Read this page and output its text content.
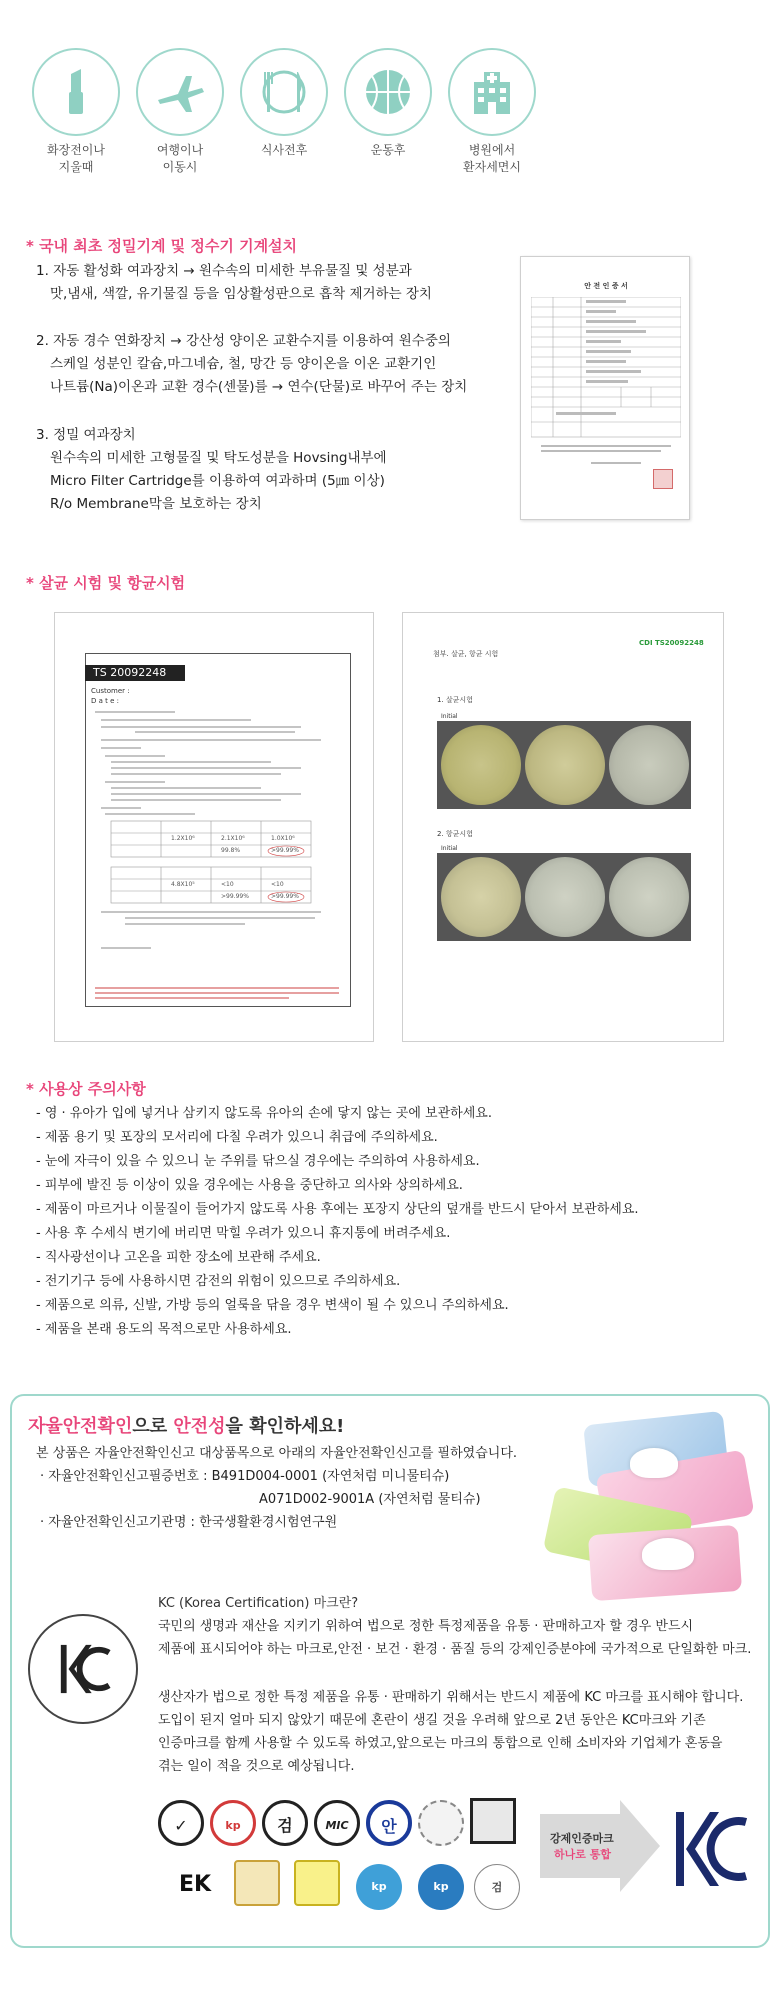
화장전이나
지울때
여행이나
이동시
식사전후	운동후	병원에서
환자세면시
* 국내 최초 정밀기계 및 정수기 기계설치
1. 자동 활성화 여과장치 → 원수속의 미세한 부유물질 및 성분과
맛,냄새, 색깔, 유기물질 등을 임상활성판으로 흡착 제거하는 장치
2. 자동 경수 연화장치 → 강산성 양이온 교환수지를 이용하여 원수중의
스케일 성분인 칼슘,마그네슘, 철, 망간 등 양이온을 이온 교환기인
나트륨(Na)이온과 교환 경수(센물)를 → 연수(단물)로 바꾸어 주는 장치
3. 정밀 여과장치
원수속의 미세한 고형물질 및 탁도성분을 Hovsing내부에
Micro Filter Cartridge를 이용하여 여과하며 (5㎛ 이상)
R/o Membrane막을 보호하는 장치
안 전 인 증 서
* 살균 시험 및 항균시험
TS 20092248
Customer :
D a t e :
1.2X10⁶	2.1X10⁶	1.0X10⁶
99.8%	>99.99%
4.8X10⁵	<10	<10
>99.99%	>99.99%
CDI TS20092248
첨부. 살균, 항균 시험
1. 살균시험
Initial
2. 항균시험
Initial
* 사용상 주의사항
- 영 · 유아가 입에 넣거나 삼키지 않도록 유아의 손에 닿지 않는 곳에 보관하세요.
- 제품 용기 및 포장의 모서리에 다칠 우려가 있으니 취급에 주의하세요.
- 눈에 자극이 있을 수 있으니 눈 주위를 닦으실 경우에는 주의하여 사용하세요.
- 피부에 발진 등 이상이 있을 경우에는 사용을 중단하고 의사와 상의하세요.
- 제품이 마르거나 이물질이 들어가지 않도록 사용 후에는 포장지 상단의 덮개를 반드시 닫아서 보관하세요.
- 사용 후 수세식 변기에 버리면 막힐 우려가 있으니 휴지통에 버려주세요.
- 직사광선이나 고온을 피한 장소에 보관해 주세요.
- 전기기구 등에 사용하시면 감전의 위험이 있으므로 주의하세요.
- 제품으로 의류, 신발, 가방 등의 얼룩을 닦을 경우 변색이 될 수 있으니 주의하세요.
- 제품을 본래 용도의 목적으로만 사용하세요.
자율안전확인으로 안전성을 확인하세요!
본 상품은 자율안전확인신고 대상품목으로 아래의 자율안전확인신고를 필하였습니다.
· 자율안전확인신고필증번호 : B491D004-0001 (자연처럼 미니물티슈)
A071D002-9001A (자연처럼 물티슈)
· 자율안전확인신고기관명 : 한국생활환경시험연구원
KC (Korea Certification) 마크란?
국민의 생명과 재산을 지키기 위하여 법으로 정한 특정제품을 유통 · 판매하고자 할 경우 반드시
제품에 표시되어야 하는 마크로,안전 · 보건 · 환경 · 품질 등의 강제인증분야에 국가적으로 단일화한 마크.
생산자가 법으로 정한 특정 제품을 유통 · 판매하기 위해서는 반드시 제품에 KC 마크를 표시해야 합니다.
도입이 된지 얼마 되지 않았기 때문에 혼란이 생길 것을 우려해 앞으로 2년 동안은 KC마크와 기존
인증마크를 함께 사용할 수 있도록 하였고,앞으로는 마크의 통합으로 인해 소비자와 기업체가 혼동을
겪는 일이 적을 것으로 예상됩니다.
✓	kp	검	MIC	안
EK	kp	kp	검
강제인증마크
하나로 통합
